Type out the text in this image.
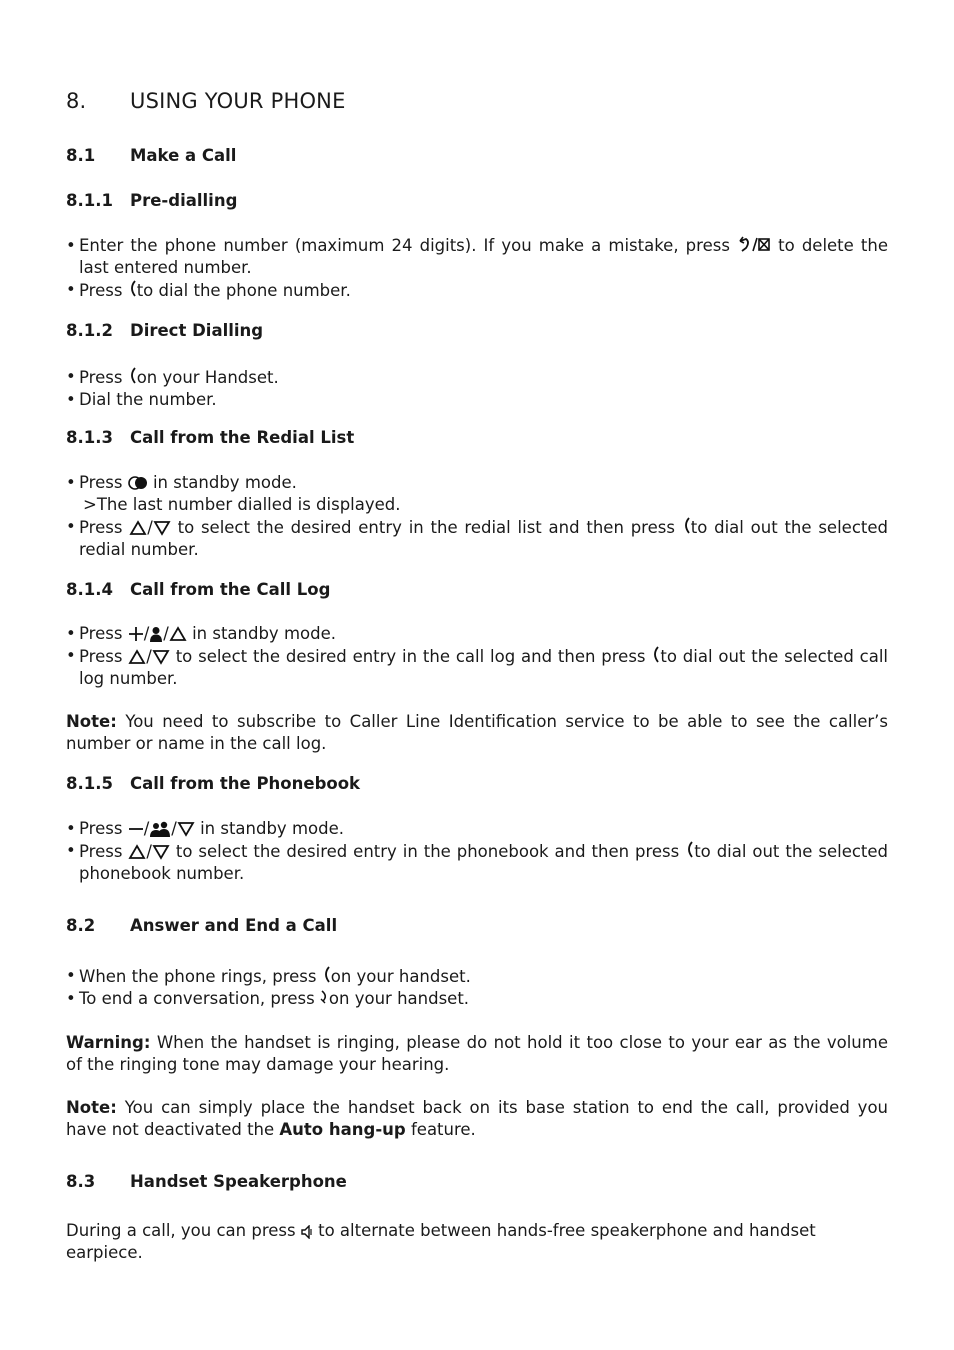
8. USING YOUR PHONE
8.1 Make a Call
8.1.1 Pre-dialling
• Enter the phone number (maximum 24 digits). If you make a mistake, press	to delete the last entered number.
• Press to dial the phone number.
8.1.2 Direct Dialling
• Press on your Handset.
• Dial the number.
8.1.3 Call from the Redial List
• Press in standby mode.
>The last number dialled is displayed.
• Press / to select the desired entry in the redial list and then press to dial out the selected redial number.
8.1.4 Call from the Call Log
• Press / / in standby mode.
• Press / to select the desired entry in the call log and then press to dial out the selected call log number.
Note: You need to subscribe to Caller Line Identification service to be able to see the caller’s number or name in the call log.
8.1.5 Call from the Phonebook
• Press / / in standby mode.
• Press / to select the desired entry in the phonebook and then press to dial out the selected phonebook number.
8.2 Answer and End a Call
• When the phone rings, press on your handset.
• To end a conversation, press on your handset.
Warning: When the handset is ringing, please do not hold it too close to your ear as the volume of the ringing tone may damage your hearing.
Note: You can simply place the handset back on its base station to end the call, provided you have not deactivated the Auto hang-up feature.
8.3 Handset Speakerphone
During a call, you can press to alternate between hands-free speakerphone and handset earpiece.
